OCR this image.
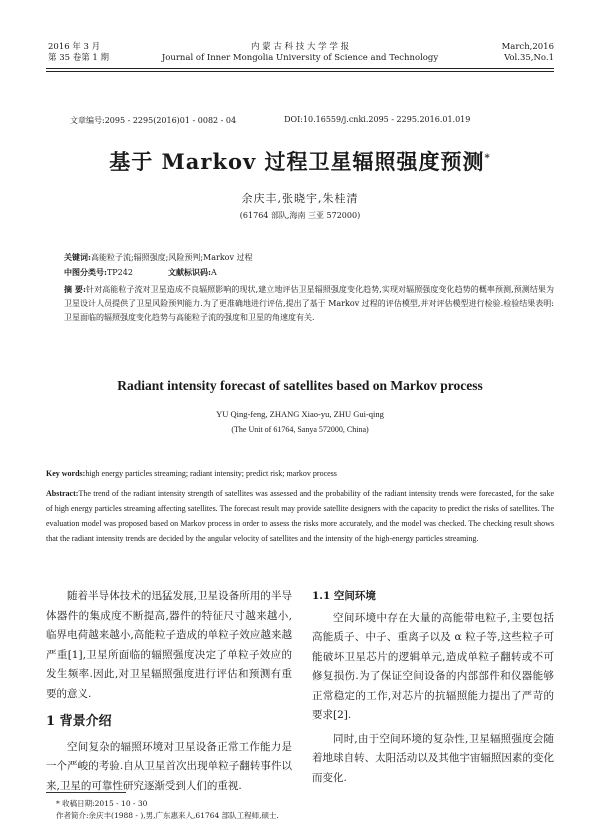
2016 年 3 月
第 35 卷第 1 期
内 蒙 古 科 技 大 学 学 报
Journal of Inner Mongolia University of Science and Technology
March,2016
Vol.35,No.1
文章编号:2095 - 2295(2016)01 - 0082 - 04	DOI:10.16559/j.cnki.2095 - 2295.2016.01.019
基于 Markov 过程卫星辐照强度预测*
余庆丰,张晓宇,朱桂清
(61764 部队,海南 三亚 572000)
关键词:高能粒子流;辐照强度;风险预判;Markov 过程
中图分类号:TP242	文献标识码:A
摘 要:针对高能粒子流对卫星造成不良辐照影响的现状,建立地评估卫星辐照强度变化趋势,实现对辐照强度变化趋势的概率预测,预测结果为卫星设计人员提供了卫星风险预判能力.为了更准确地进行评估,提出了基于 Markov 过程的评估模型,并对评估模型进行检验.检验结果表明:卫星面临的辐照强度变化趋势与高能粒子流的强度和卫星的角速度有关.
Radiant intensity forecast of satellites based on Markov process
YU Qing-feng, ZHANG Xiao-yu, ZHU Gui-qing
(The Unit of 61764, Sanya 572000, China)
Key words:high energy particles streaming; radiant intensity; predict risk; markov process
Abstract:The trend of the radiant intensity strength of satellites was assessed and the probability of the radiant intensity trends were forecasted, for the sake of high energy particles streaming affecting satellites. The forecast result may provide satellite designers with the capacity to predict the risks of satellites. The evaluation model was proposed based on Markov process in order to assess the risks more accurately, and the model was checked. The checking result shows that the radiant intensity trends are decided by the angular velocity of satellites and the intensity of the high-energy particles streaming.

随着半导体技术的迅猛发展,卫星设备所用的半导体器件的集成度不断提高,器件的特征尺寸越来越小,临界电荷越来越小,高能粒子造成的单粒子效应越来越严重[1],卫星所面临的辐照强度决定了单粒子效应的发生频率.因此,对卫星辐照强度进行评估和预测有重要的意义.

1 背景介绍

空间复杂的辐照环境对卫星设备正常工作能力是一个严峻的考验.自从卫星首次出现单粒子翻转事件以来,卫星的可靠性研究逐渐受到人们的重视.

1.1 空间环境

空间环境中存在大量的高能带电粒子,主要包括高能质子、中子、重离子以及 α 粒子等,这些粒子可能破坏卫星芯片的逻辑单元,造成单粒子翻转或不可修复损伤.为了保证空间设备的内部部件和仪器能够正常稳定的工作,对芯片的抗辐照能力提出了严苛的要求[2].

同时,由于空间环境的复杂性,卫星辐照强度会随着地球自转、太阳活动以及其他宇宙辐照因素的变化而变化.

* 收稿日期:2015 - 10 - 30
作者简介:余庆丰(1988 - ),男,广东惠来人,61764 部队工程师,硕士.
